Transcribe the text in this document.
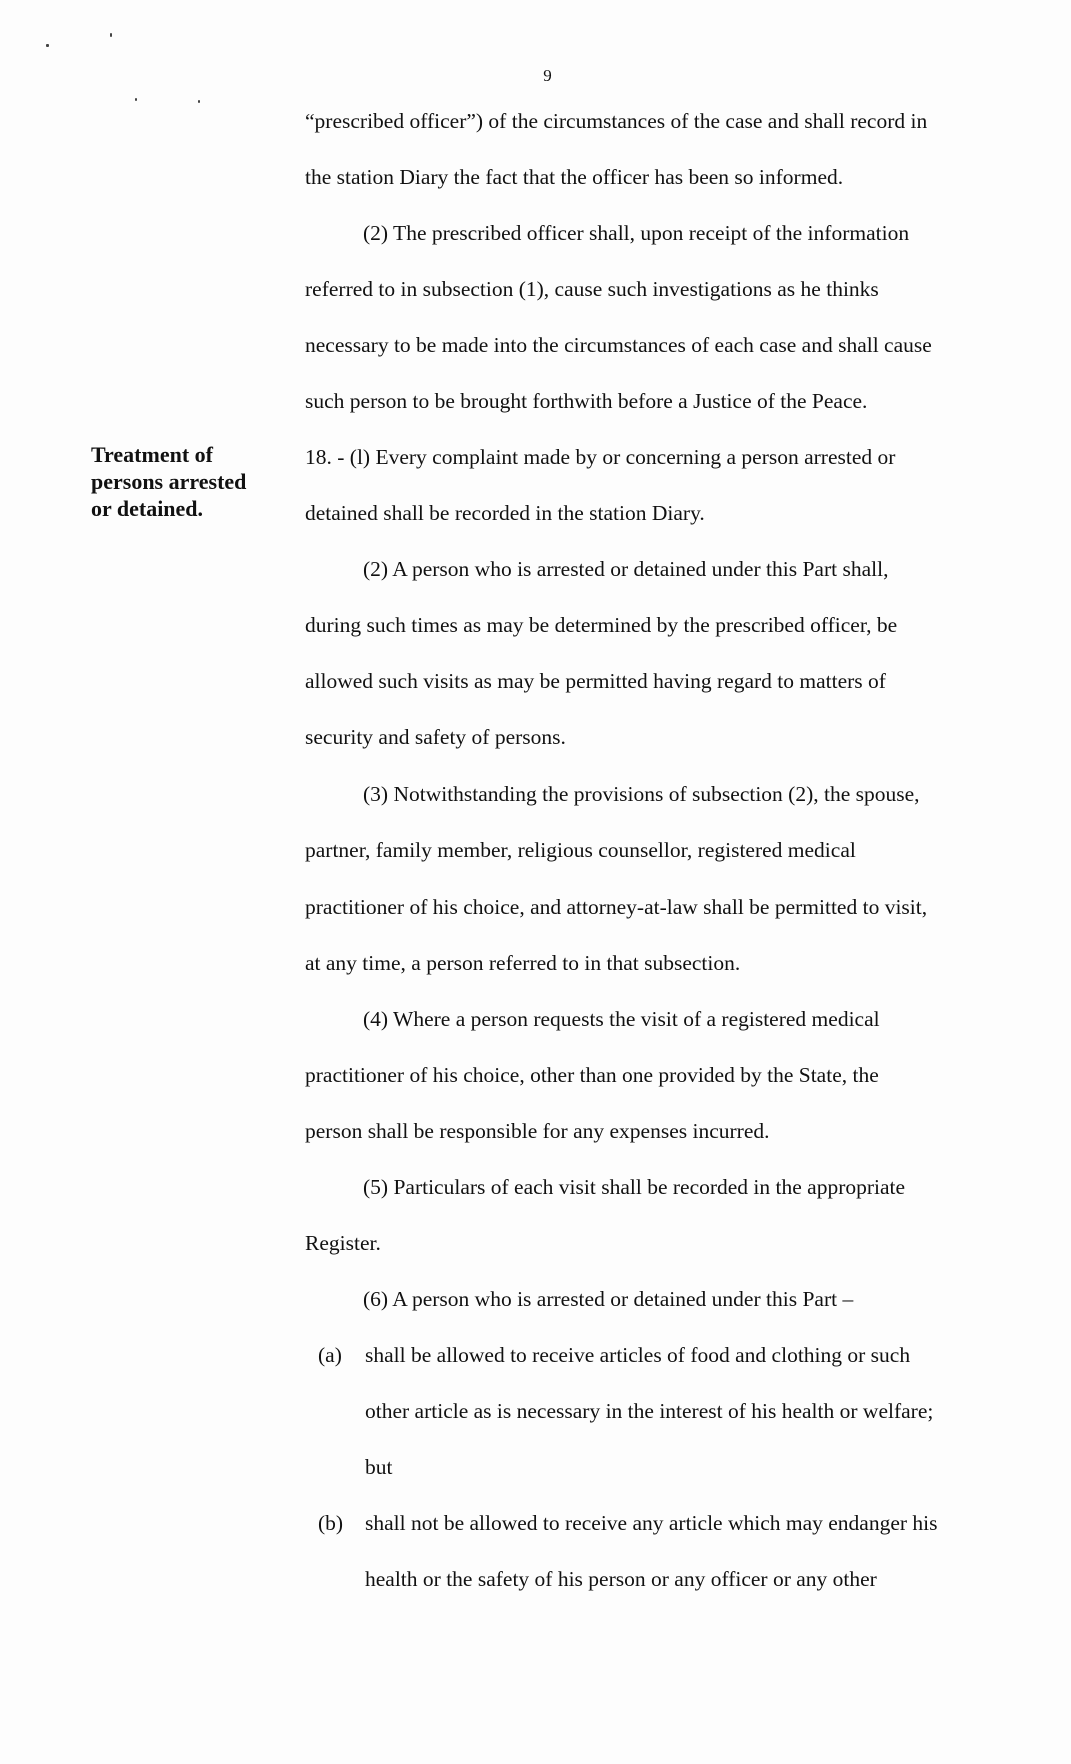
9
Treatment of
persons arrested
or detained.
“prescribed officer”) of the circumstances of the case and shall record in
the station Diary the fact that the officer has been so informed.
(2) The prescribed officer shall, upon receipt of the information
referred to in subsection (1), cause such investigations as he thinks
necessary to be made into the circumstances of each case and shall cause
such person to be brought forthwith before a Justice of the Peace.
18. - (l) Every complaint made by or concerning a person arrested or
detained shall be recorded in the station Diary.
(2) A person who is arrested or detained under this Part shall,
during such times as may be determined by the prescribed officer, be
allowed such visits as may be permitted having regard to matters of
security and safety of persons.
(3) Notwithstanding the provisions of subsection (2), the spouse,
partner, family member, religious counsellor, registered medical
practitioner of his choice, and attorney-at-law shall be permitted to visit,
at any time, a person referred to in that subsection.
(4) Where a person requests the visit of a registered medical
practitioner of his choice, other than one provided by the State, the
person shall be responsible for any expenses incurred.
(5) Particulars of each visit shall be recorded in the appropriate
Register.
(6) A person who is arrested or detained under this Part –
(a) shall be allowed to receive articles of food and clothing or such
other article as is necessary in the interest of his health or welfare;
but
(b) shall not be allowed to receive any article which may endanger his
health or the safety of his person or any officer or any other
